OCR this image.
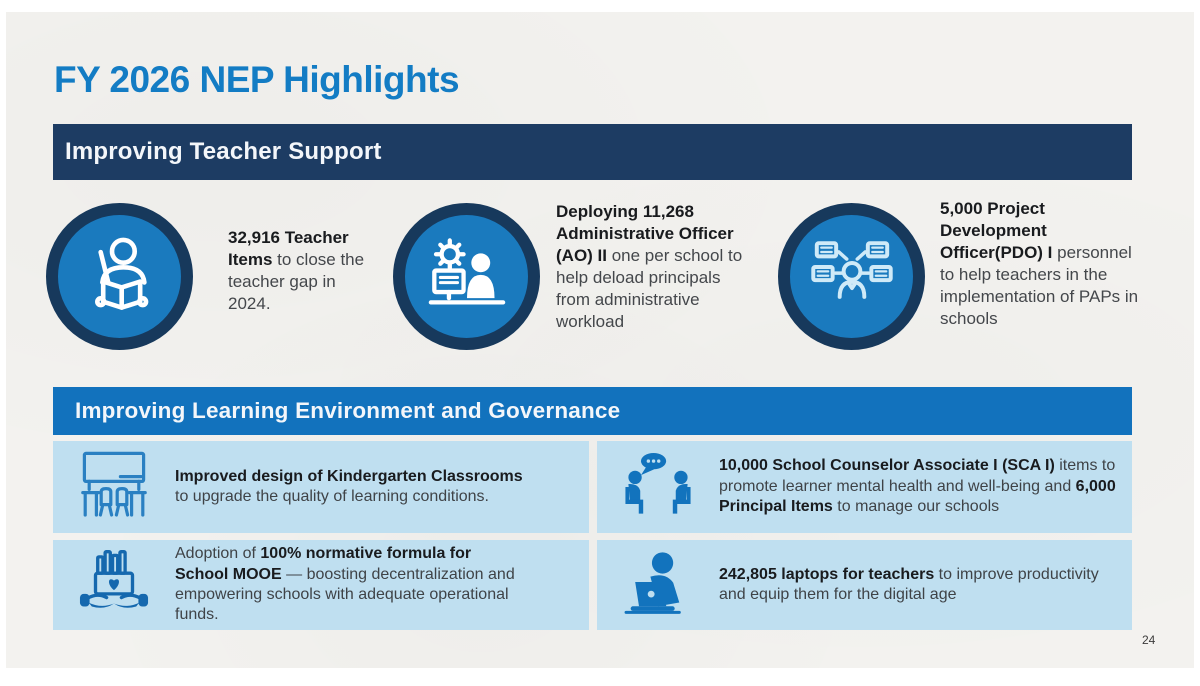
FY 2026 NEP Highlights
Improving Teacher Support
32,916 Teacher Items to close the teacher gap in 2024.
Deploying 11,268 Administrative Officer (AO) II one per school to help deload principals from administrative workload
5,000 Project Development Officer(PDO) I personnel to help teachers in the implementation of PAPs in schools
Improving Learning Environment and Governance
Improved design of Kindergarten Classrooms to upgrade the quality of learning conditions.
10,000 School Counselor Associate I (SCA I) items to promote learner mental health and well-being and 6,000 Principal Items to manage our schools
Adoption of 100% normative formula for School MOOE — boosting decentralization and empowering schools with adequate operational funds.
242,805 laptops for teachers to improve productivity and equip them for the digital age
24
